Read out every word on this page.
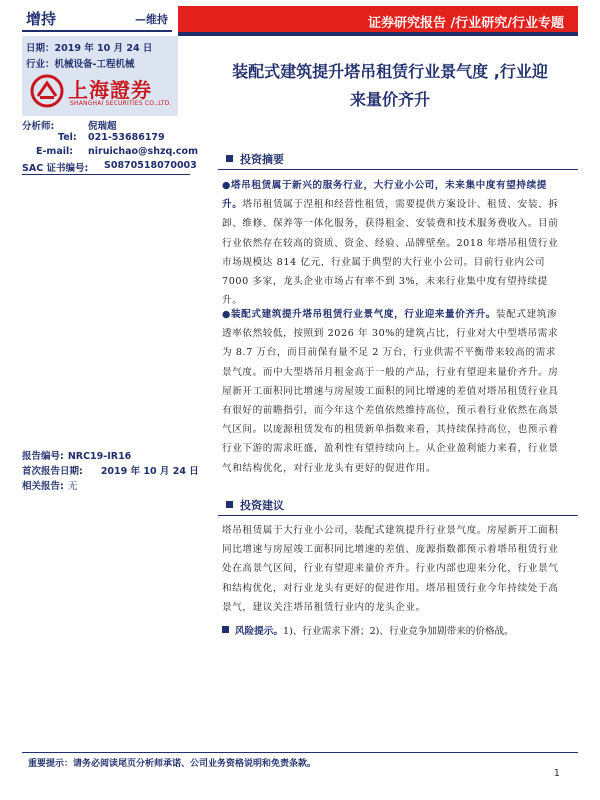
增持	—维持	证券研究报告 /行业研究/行业专题
日期：2019 年 10 月 24 日
行业：机械设备-工程机械
上海證券
SHANGHAI SECURITIES CO.,LTD.
装配式建筑提升塔吊租赁行业景气度 ,行业迎
来量价齐升
分析师:	倪瑞超
Tel: 021-53686179
E-mail: niruichao@shzq.com
SAC 证书编号: S0870518070003
报告编号: NRC19-IR16
首次报告日期: 2019 年 10 月 24 日
相关报告: 无
投资摘要
●塔吊租赁属于新兴的服务行业，大行业小公司，未来集中度有望持续提升。塔吊租赁属于涅租和经营性租赁，需要提供方案设计、租赁、安装、拆卸、维修、保养等一体化服务，获得租金、安装费和技术服务费收入。目前行业依然存在较高的资质、资金、经验、品牌壁垒。2018 年塔吊租赁行业市场规模达 814 亿元，行业属于典型的大行业小公司。目前行业内公司 7000 多家，龙头企业市场占有率不到 3%，未来行业集中度有望持续提升。
●装配式建筑提升塔吊租赁行业景气度，行业迎来量价齐升。装配式建筑渗透率依然较低，按照到 2026 年 30%的建筑占比，行业对大中型塔吊需求为 8.7 万台，而目前保有量不足 2 万台，行业供需不平衡带来较高的需求景气度。而中大型塔吊月租金高于一般的产品，行业有望迎来量价齐升。房屋新开工面积同比增速与房屋竣工面积的同比增速的差值对塔吊租赁行业具有很好的前瞻指引，而今年这个差值依然维持高位，预示着行业依然在高景气区间。以庞源租赁发布的租赁新单指数来看，其持续保持高位，也预示着行业下游的需求旺盛，盈利性有望持续向上。从企业盈利能力来看，行业景气和结构优化，对行业龙头有更好的促进作用。
投资建议
塔吊租赁属于大行业小公司，装配式建筑提升行业景气度。房屋新开工面积同比增速与房屋竣工面积同比增速的差值、庞源指数都预示着塔吊租赁行业处在高景气区间，行业有望迎来量价齐升。行业内部也迎来分化，行业景气和结构优化，对行业龙头有更好的促进作用。塔吊租赁行业今年持续处于高景气，建议关注塔吊租赁行业内的龙头企业。
风险提示。1)、行业需求下滑；2)、行业竞争加剧带来的价格战。
重要提示：请务必阅读尾页分析师承诺、公司业务资格说明和免责条款。
1
